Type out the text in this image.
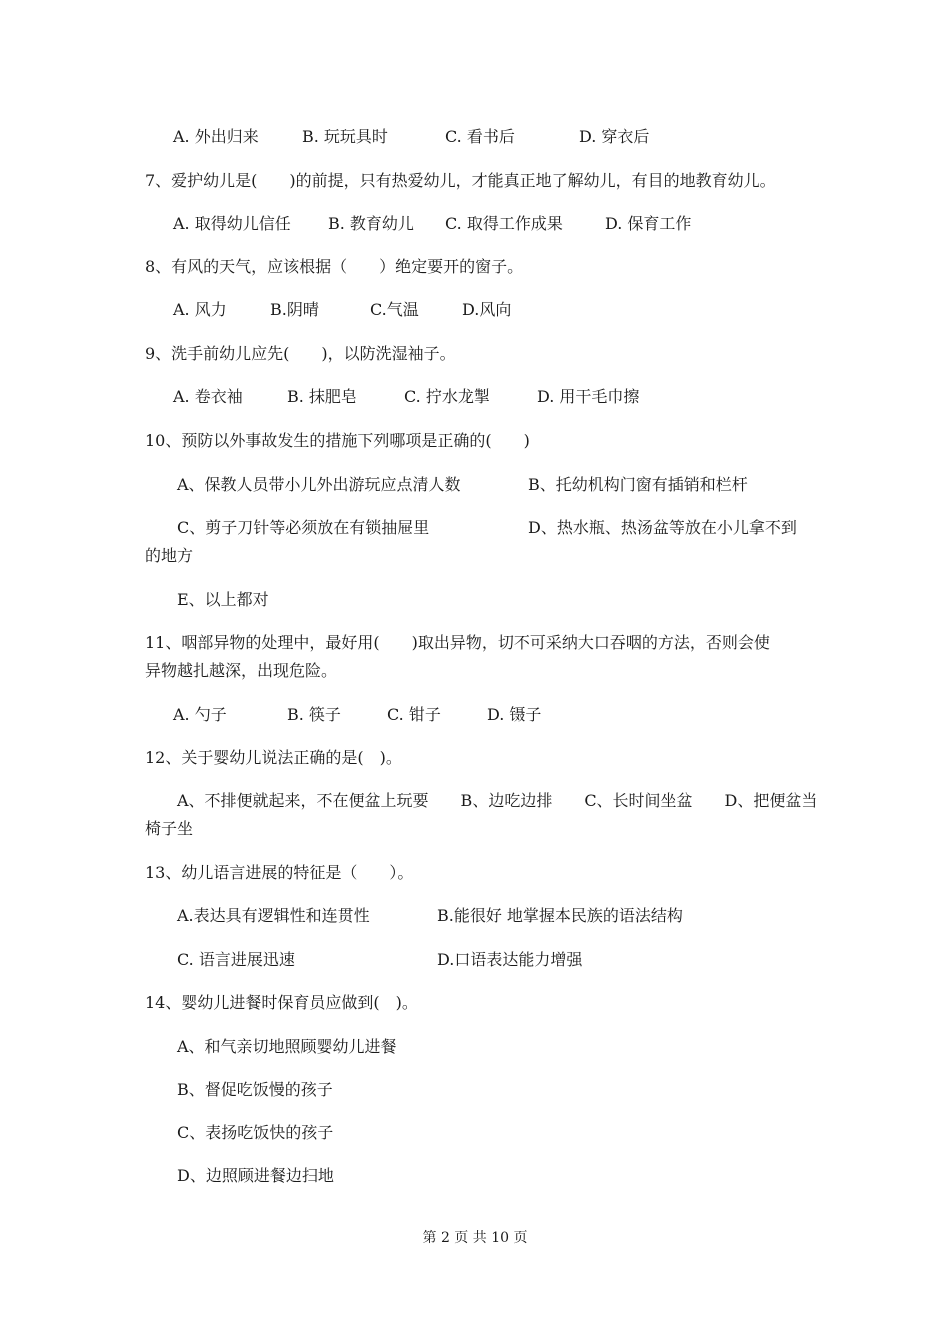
A. 外出归来	B. 玩玩具时	C. 看书后	D. 穿衣后
7、爱护幼儿是(　　)的前提，只有热爱幼儿，才能真正地了解幼儿，有目的地教育幼儿。
A. 取得幼儿信任 B. 教育幼儿 C. 取得工作成果	D. 保育工作
8、有风的天气，应该根据（　　）绝定要开的窗子。
A. 风力	B.阴晴	C.气温	D.风向
9、洗手前幼儿应先(　　)，以防洗湿袖子。
A. 卷衣袖	B. 抹肥皂	C. 拧水龙掣	D. 用干毛巾擦
10、预防以外事故发生的措施下列哪项是正确的(　　)
A、保教人员带小儿外出游玩应点清人数	B、托幼机构门窗有插销和栏杆
C、剪子刀针等必须放在有锁抽屉里	D、热水瓶、热汤盆等放在小儿拿不到
的地方
E、以上都对
11、咽部异物的处理中，最好用(　　)取出异物，切不可采纳大口吞咽的方法，否则会使
异物越扎越深，出现危险。
A. 勺子	B. 筷子	C. 钳子	D. 镊子
12、关于婴幼儿说法正确的是(　)。
A、不排便就起来，不在便盆上玩要　　B、边吃边排　　C、长时间坐盆　　D、把便盆当
椅子坐
13、幼儿语言进展的特征是（　　）。
A.表达具有逻辑性和连贯性	B.能很好 地掌握本民族的语法结构
C. 语言进展迅速	D.口语表达能力增强
14、婴幼儿进餐时保育员应做到(　)。
A、和气亲切地照顾婴幼儿进餐
B、督促吃饭慢的孩子
C、表扬吃饭快的孩子
D、边照顾进餐边扫地
第 2 页 共 10 页
